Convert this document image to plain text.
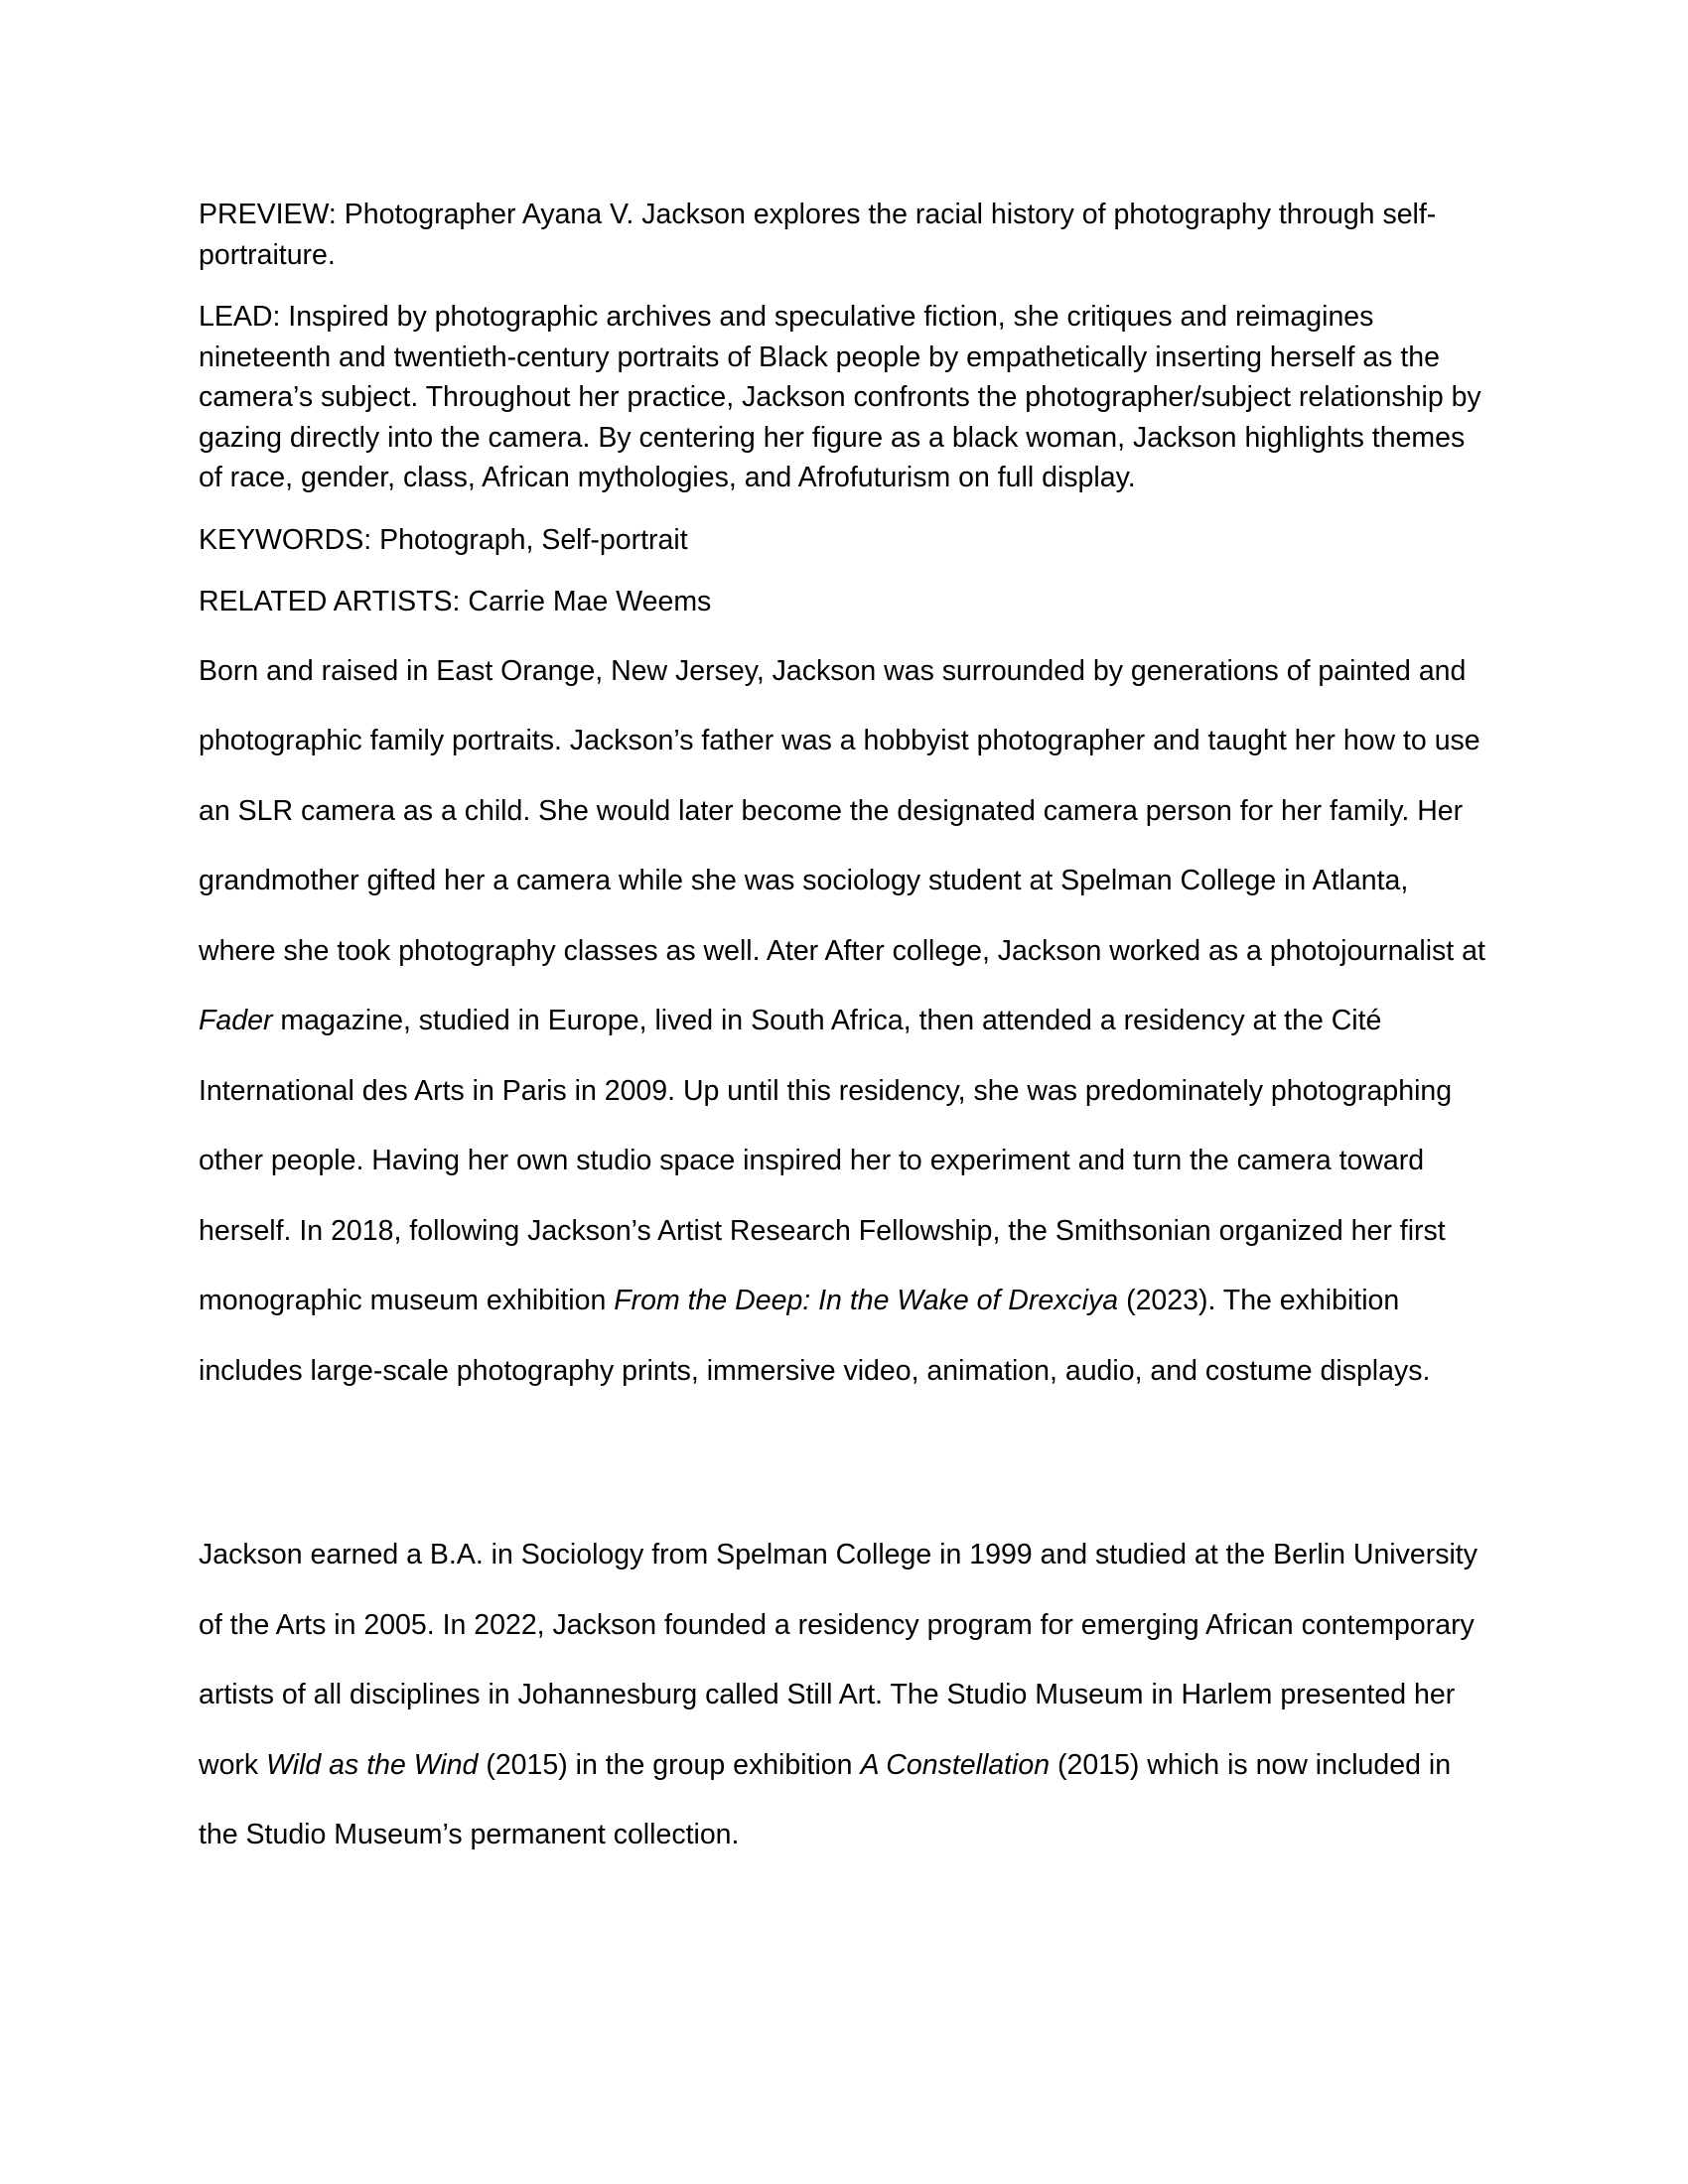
PREVIEW: Photographer Ayana V. Jackson explores the racial history of photography through self-portraiture.

LEAD: Inspired by photographic archives and speculative fiction, she critiques and reimagines nineteenth and twentieth-century portraits of Black people by empathetically inserting herself as the camera’s subject. Throughout her practice, Jackson confronts the photographer/subject relationship by gazing directly into the camera. By centering her figure as a black woman, Jackson highlights themes of race, gender, class, African mythologies, and Afrofuturism on full display.

KEYWORDS: Photograph, Self-portrait

RELATED ARTISTS: Carrie Mae Weems

Born and raised in East Orange, New Jersey, Jackson was surrounded by generations of painted and photographic family portraits. Jackson’s father was a hobbyist photographer and taught her how to use an SLR camera as a child. She would later become the designated camera person for her family. Her grandmother gifted her a camera while she was sociology student at Spelman College in Atlanta, where she took photography classes as well. Ater After college, Jackson worked as a photojournalist at Fader magazine, studied in Europe, lived in South Africa, then attended a residency at the Cité International des Arts in Paris in 2009. Up until this residency, she was predominately photographing other people. Having her own studio space inspired her to experiment and turn the camera toward herself. In 2018, following Jackson’s Artist Research Fellowship, the Smithsonian organized her first monographic museum exhibition From the Deep: In the Wake of Drexciya (2023). The exhibition includes large-scale photography prints, immersive video, animation, audio, and costume displays.

Jackson earned a B.A. in Sociology from Spelman College in 1999 and studied at the Berlin University of the Arts in 2005. In 2022, Jackson founded a residency program for emerging African contemporary artists of all disciplines in Johannesburg called Still Art. The Studio Museum in Harlem presented her work Wild as the Wind (2015) in the group exhibition A Constellation (2015) which is now included in the Studio Museum’s permanent collection.
